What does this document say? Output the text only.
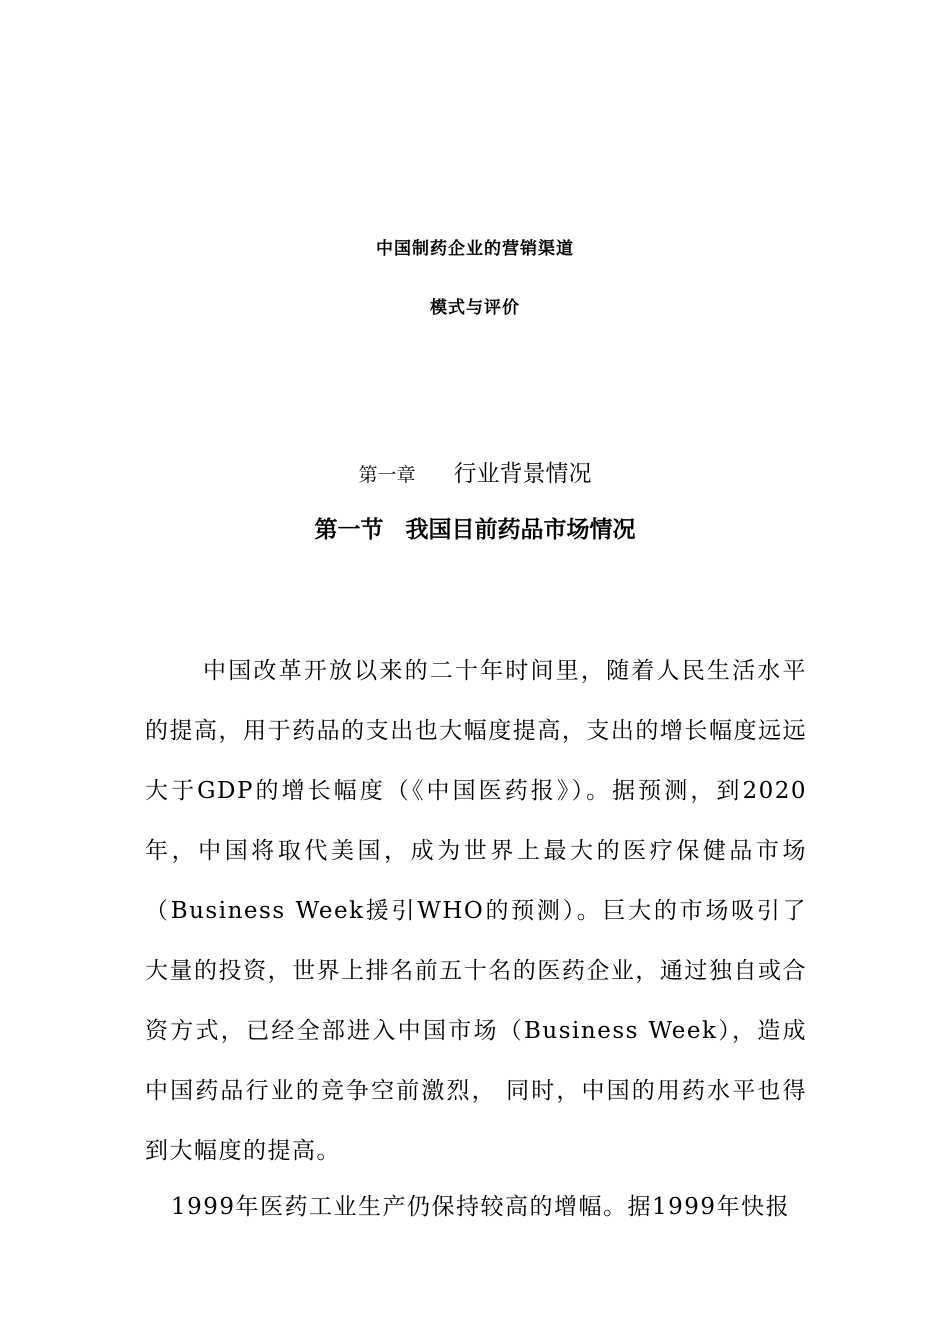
中国制药企业的营销渠道
模式与评价
第一章 行业背景情况
第一节 我国目前药品市场情况

中国改革开放以来的二十年时间里，随着人民生活水平的提高，用于药品的支出也大幅度提高，支出的增长幅度远远大于GDP的增长幅度（《中国医药报》）。据预测，到2020年，中国将取代美国，成为世界上最大的医疗保健品市场（Business Week援引WHO的预测）。巨大的市场吸引了大量的投资，世界上排名前五十名的医药企业，通过独自或合资方式，已经全部进入中国市场（Business Week），造成中国药品行业的竞争空前激烈， 同时，中国的用药水平也得到大幅度的提高。

1999年医药工业生产仍保持较高的增幅。据1999年快报
